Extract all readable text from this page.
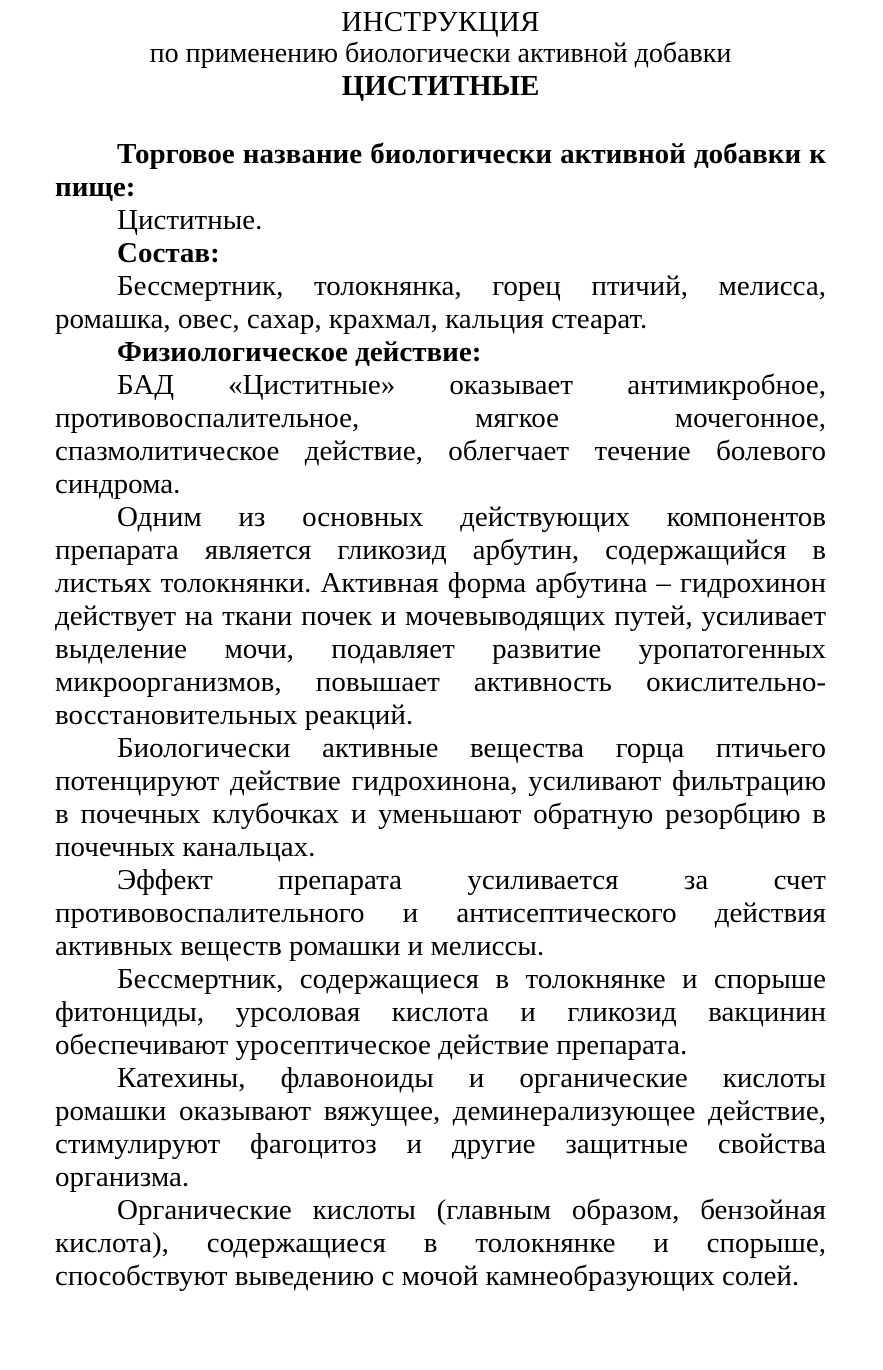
ИНСТРУКЦИЯ
по применению биологически активной добавки
ЦИСТИТНЫЕ

Торговое название биологически активной добавки к пище:

Циститные.

Состав:

Бессмертник, толокнянка, горец птичий, мелисса, ромашка, овес, сахар, крахмал, кальция стеарат.

Физиологическое действие:

БАД «Циститные» оказывает антимикробное, противовоспалительное, мягкое мочегонное, спазмолитическое действие, облегчает течение болевого синдрома.

Одним из основных действующих компонентов препарата является гликозид арбутин, содержащийся в листьях толокнянки. Активная форма арбутина – гидрохинон действует на ткани почек и мочевыводящих путей, усиливает выделение мочи, подавляет развитие уропатогенных микроорганизмов, повышает активность окислительно-восстановительных реакций.

Биологически активные вещества горца птичьего потенцируют действие гидрохинона, усиливают фильтрацию в почечных клубочках и уменьшают обратную резорбцию в почечных канальцах.

Эффект препарата усиливается за счет противовоспалительного и антисептического действия активных веществ ромашки и мелиссы.

Бессмертник, содержащиеся в толокнянке и спорыше фитонциды, урсоловая кислота и гликозид вакцинин обеспечивают уросептическое действие препарата.

Катехины, флавоноиды и органические кислоты ромашки оказывают вяжущее, деминерализующее действие, стимулируют фагоцитоз и другие защитные свойства организма.

Органические кислоты (главным образом, бензойная кислота), содержащиеся в толокнянке и спорыше, способствуют выведению с мочой камнеобразующих солей.
